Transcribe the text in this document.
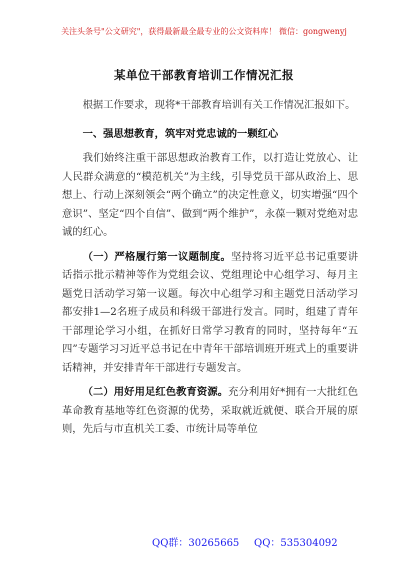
关注头条号"公文研究"，获得最新最全最专业的公文资料库！ 微信：gongwenyj
某单位干部教育培训工作情况汇报

根据工作要求，现将*干部教育培训有关工作情况汇报如下。

一、强思想教育，筑牢对党忠诚的一颗红心

我们始终注重干部思想政治教育工作，以打造让党放心、让人民群众满意的“模范机关”为主线，引导党员干部从政治上、思想上、行动上深刻领会“两个确立”的决定性意义，切实增强“四个意识”、坚定“四个自信”、做到“两个维护”，永葆一颗对党绝对忠诚的红心。

（一）严格履行第一议题制度。坚持将习近平总书记重要讲话指示批示精神等作为党组会议、党组理论中心组学习、每月主题党日活动学习第一议题。每次中心组学习和主题党日活动学习都安排1—2名班子成员和科级干部进行发言。同时，组建了青年干部理论学习小组，在抓好日常学习教育的同时，坚持每年“五四”专题学习习近平总书记在中青年干部培训班开班式上的重要讲话精神，并安排青年干部进行专题发言。

（二）用好用足红色教育资源。充分利用好*拥有一大批红色革命教育基地等红色资源的优势，采取就近就便、联合开展的原则，先后与市直机关工委、市统计局等单位

QQ群：30265665 QQ：535304092
